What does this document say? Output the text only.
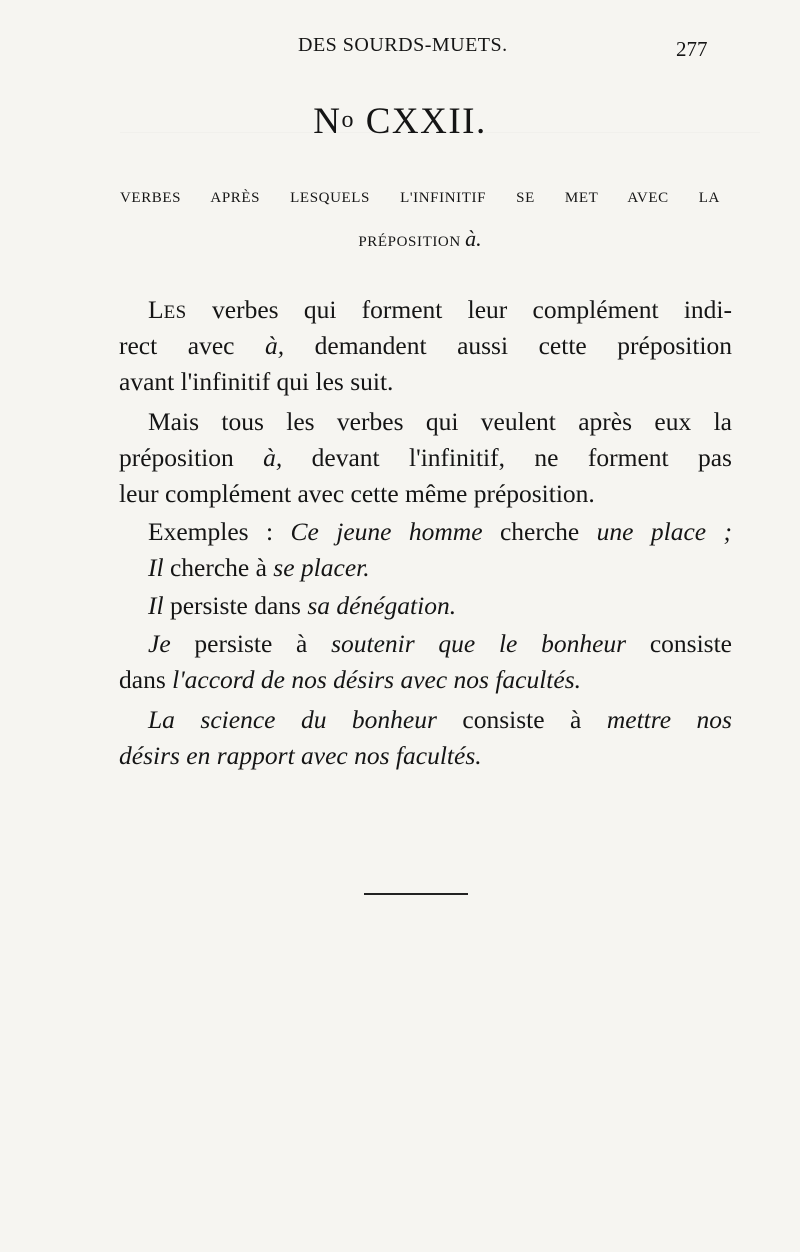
DES SOURDS-MUETS.	277
No CXXII.
VERBES APRÈS LESQUELS L'INFINITIF SE MET AVEC LA
PRÉPOSITION à.
LES verbes qui forment leur complément indi-
rect avec à, demandent aussi cette préposition
avant l'infinitif qui les suit.
Mais tous les verbes qui veulent après eux la
préposition à, devant l'infinitif, ne forment pas
leur complément avec cette même préposition.
Exemples : Ce jeune homme cherche une place ;
Il cherche à se placer.
Il persiste dans sa dénégation.
Je persiste à soutenir que le bonheur consiste
dans l'accord de nos désirs avec nos facultés.
La science du bonheur consiste à mettre nos
désirs en rapport avec nos facultés.
